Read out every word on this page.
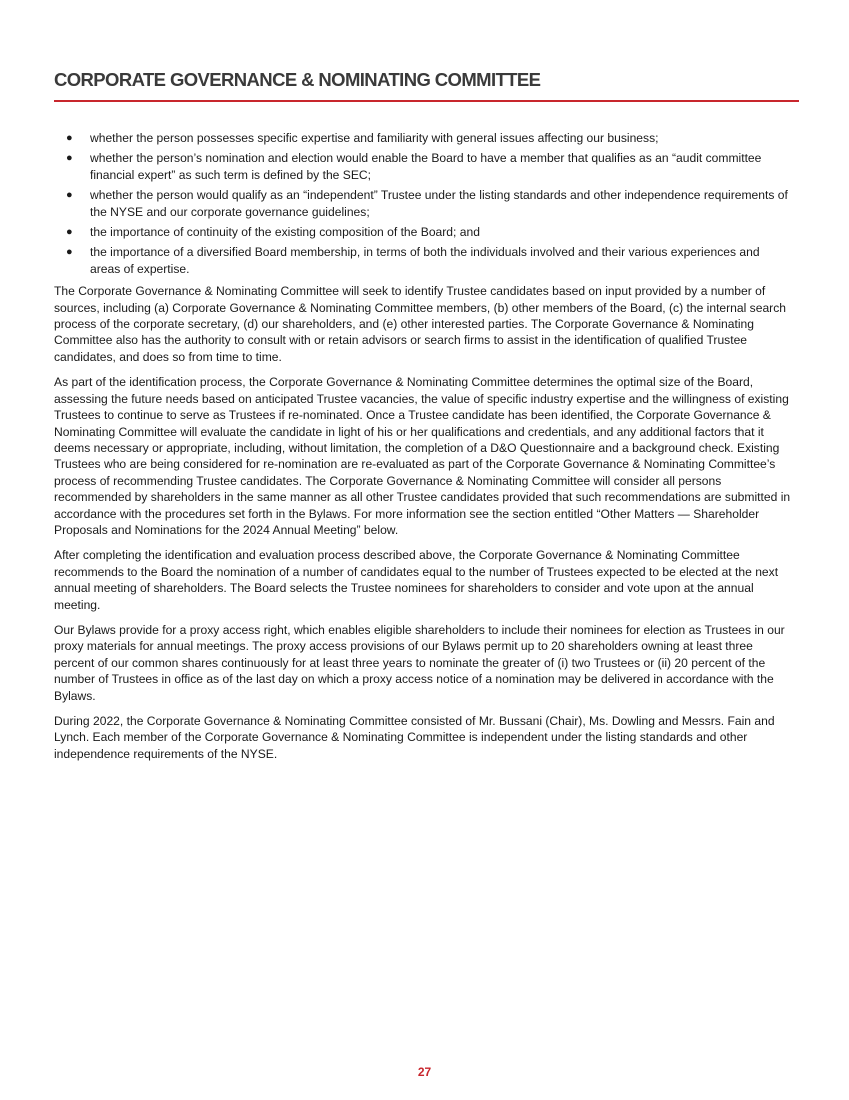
CORPORATE GOVERNANCE & NOMINATING COMMITTEE
● whether the person possesses specific expertise and familiarity with general issues affecting our business;
● whether the person’s nomination and election would enable the Board to have a member that qualifies as an “audit committee financial expert” as such term is defined by the SEC;
● whether the person would qualify as an “independent” Trustee under the listing standards and other independence requirements of the NYSE and our corporate governance guidelines;
● the importance of continuity of the existing composition of the Board; and
● the importance of a diversified Board membership, in terms of both the individuals involved and their various experiences and areas of expertise.

The Corporate Governance & Nominating Committee will seek to identify Trustee candidates based on input provided by a number of sources, including (a) Corporate Governance & Nominating Committee members, (b) other members of the Board, (c) the internal search process of the corporate secretary, (d) our shareholders, and (e) other interested parties. The Corporate Governance & Nominating Committee also has the authority to consult with or retain advisors or search firms to assist in the identification of qualified Trustee candidates, and does so from time to time.

As part of the identification process, the Corporate Governance & Nominating Committee determines the optimal size of the Board, assessing the future needs based on anticipated Trustee vacancies, the value of specific industry expertise and the willingness of existing Trustees to continue to serve as Trustees if re-nominated. Once a Trustee candidate has been identified, the Corporate Governance & Nominating Committee will evaluate the candidate in light of his or her qualifications and credentials, and any additional factors that it deems necessary or appropriate, including, without limitation, the completion of a D&O Questionnaire and a background check. Existing Trustees who are being considered for re-nomination are re-evaluated as part of the Corporate Governance & Nominating Committee’s process of recommending Trustee candidates. The Corporate Governance & Nominating Committee will consider all persons recommended by shareholders in the same manner as all other Trustee candidates provided that such recommendations are submitted in accordance with the procedures set forth in the Bylaws. For more information see the section entitled “Other Matters — Shareholder Proposals and Nominations for the 2024 Annual Meeting” below.

After completing the identification and evaluation process described above, the Corporate Governance & Nominating Committee recommends to the Board the nomination of a number of candidates equal to the number of Trustees expected to be elected at the next annual meeting of shareholders. The Board selects the Trustee nominees for shareholders to consider and vote upon at the annual meeting.

Our Bylaws provide for a proxy access right, which enables eligible shareholders to include their nominees for election as Trustees in our proxy materials for annual meetings. The proxy access provisions of our Bylaws permit up to 20 shareholders owning at least three percent of our common shares continuously for at least three years to nominate the greater of (i) two Trustees or (ii) 20 percent of the number of Trustees in office as of the last day on which a proxy access notice of a nomination may be delivered in accordance with the Bylaws.

During 2022, the Corporate Governance & Nominating Committee consisted of Mr. Bussani (Chair), Ms. Dowling and Messrs. Fain and Lynch. Each member of the Corporate Governance & Nominating Committee is independent under the listing standards and other independence requirements of the NYSE.

27
